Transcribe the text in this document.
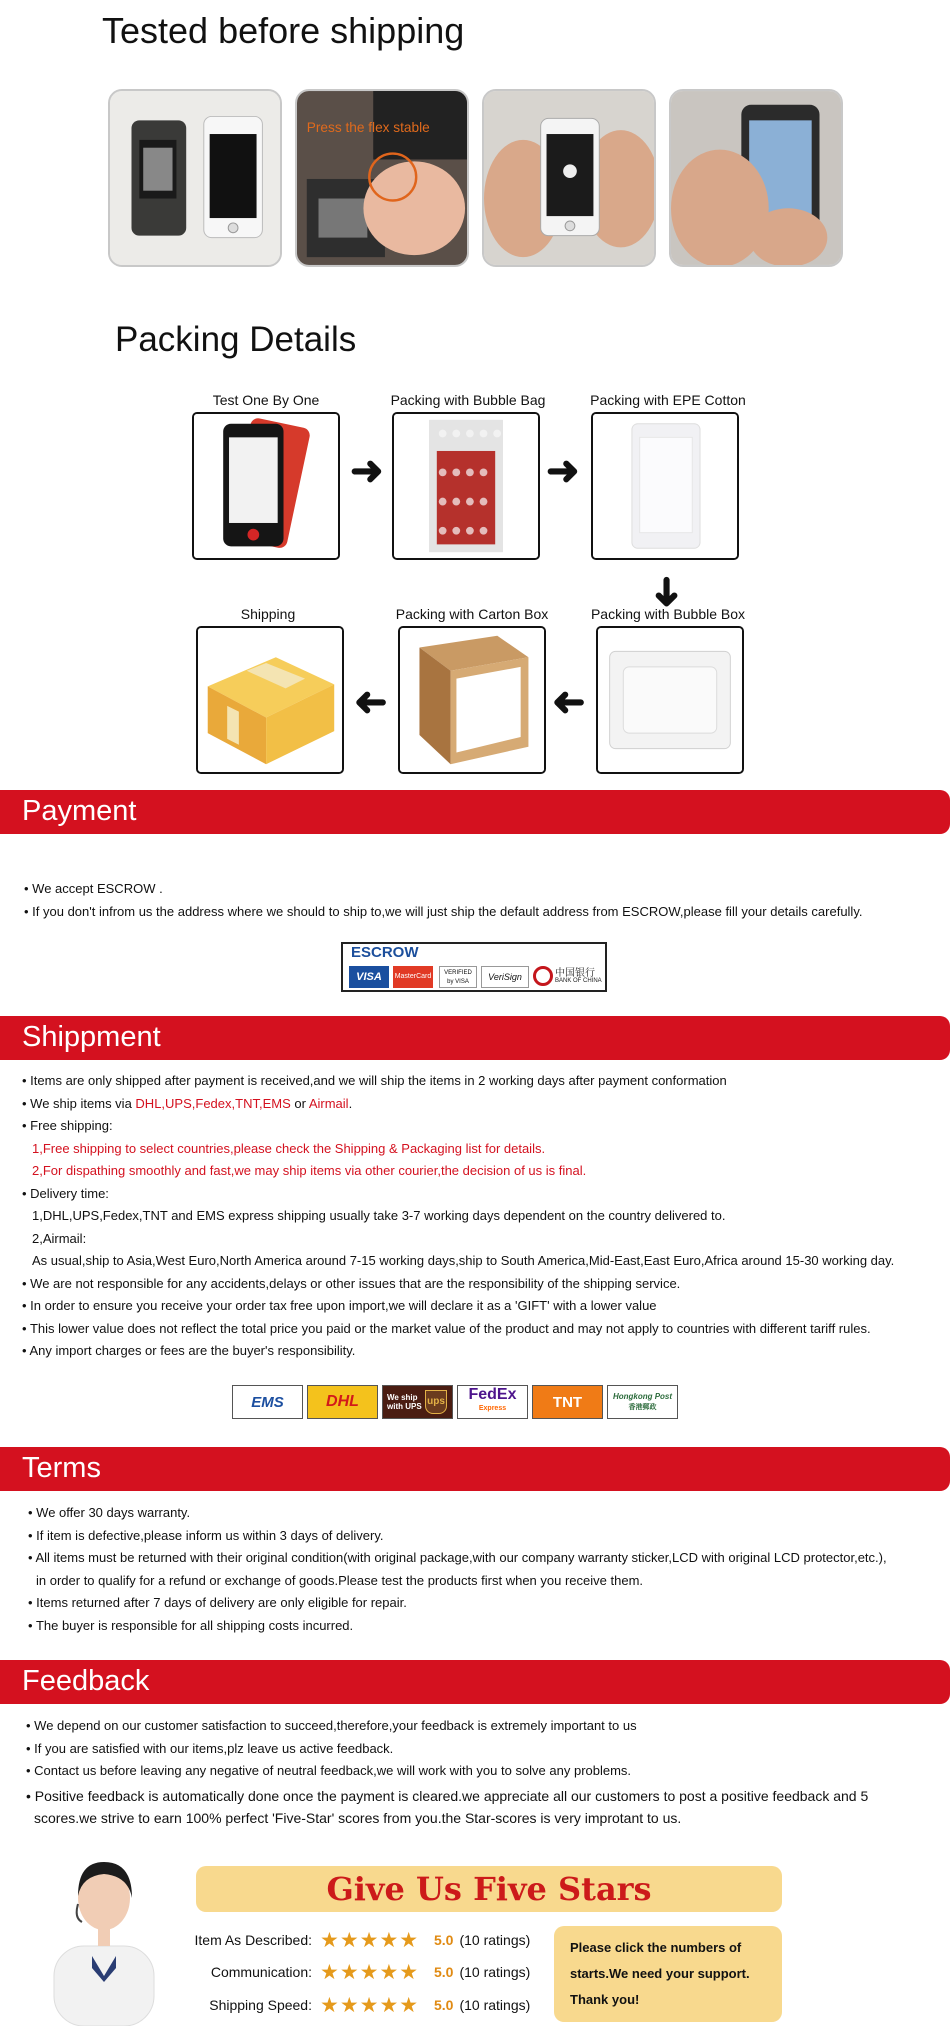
Tested before shipping
Press the flex stable
Packing Details
Test One By One
➜
Packing with Bubble Bag
➜
Packing with EPE Cotton
➜
Shipping
➜
Packing with Carton Box
➜
Packing with Bubble Box
Payment
• We accept ESCROW .
• If you don't infrom us the address where we should to ship to,we will just ship the default address from ESCROW,please fill your details carefully.
ESCROW
VISA	MasterCard	VERIFIED by VISA	VeriSign	中国银行
BANK OF CHINA
Shippment
• Items are only shipped after payment is received,and we will ship the items in 2 working days after payment conformation
• We ship items via DHL,UPS,Fedex,TNT,EMS or Airmail.
• Free shipping:
1,Free shipping to select countries,please check the Shipping & Packaging list for details.
2,For dispathing smoothly and fast,we may ship items via other courier,the decision of us is final.
• Delivery time:
1,DHL,UPS,Fedex,TNT and EMS express shipping usually take 3-7 working days dependent on the country delivered to.
2,Airmail:
As usual,ship to Asia,West Euro,North America around 7-15 working days,ship to South America,Mid-East,East Euro,Africa around 15-30 working day.
• We are not responsible for any accidents,delays or other issues that are the responsibility of the shipping service.
• In order to ensure you receive your order tax free upon import,we will declare it as a 'GIFT' with a lower value
• This lower value does not reflect the total price you paid or the market value of the product and may not apply to countries with different tariff rules.
• Any import charges or fees are the buyer's responsibility.
EMS	DHL	We ship with UPS ups FedEx
Express	TNT	Hongkong Post
香港郵政
Terms
• We offer 30 days warranty.
• If item is defective,please inform us within 3 days of delivery.
• All items must be returned with their original condition(with original package,with our company warranty sticker,LCD with original LCD protector,etc.),
in order to qualify for a refund or exchange of goods.Please test the products first when you receive them.
• Items returned after 7 days of delivery are only eligible for repair.
• The buyer is responsible for all shipping costs incurred.
Feedback
• We depend on our customer satisfaction to succeed,therefore,your feedback is extremely important to us
• If you are satisfied with our items,plz leave us active feedback.
• Contact us before leaving any negative of neutral feedback,we will work with you to solve any problems.
• Positive feedback is automatically done once the payment is cleared.we appreciate all our customers to post a positive feedback and 5
scores.we strive to earn 100% perfect 'Five-Star' scores from you.the Star-scores is very improtant to us.
Give Us Five Stars
Item As Described: ★★★★★	5.0 (10 ratings)
Communication: ★★★★★	5.0 (10 ratings)
Shipping Speed: ★★★★★	5.0 (10 ratings)
Please click the numbers of
starts.We need your support.
Thank you!
